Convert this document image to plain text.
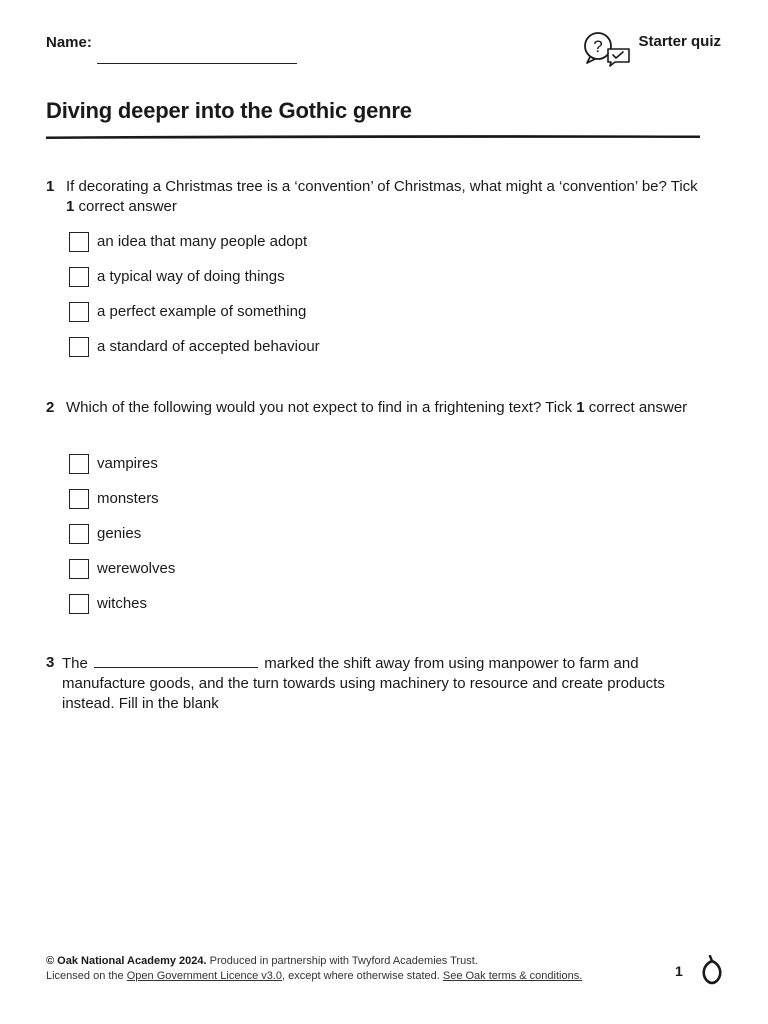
Name:	? Starter quiz
Diving deeper into the Gothic genre
1 If decorating a Christmas tree is a ‘convention’ of Christmas, what might a ‘convention’ be? Tick 1 correct answer
an idea that many people adopt
a typical way of doing things
a perfect example of something
a standard of accepted behaviour
2 Which of the following would you not expect to find in a frightening text? Tick 1 correct answer
vampires
monsters
genies
werewolves
witches
3 The	marked the shift away from using manpower to farm and manufacture goods, and the turn towards using machinery to resource and create products instead. Fill in the blank
© Oak National Academy 2024. Produced in partnership with Twyford Academies Trust.
Licensed on the Open Government Licence v3.0, except where otherwise stated. See Oak terms & conditions.	1
